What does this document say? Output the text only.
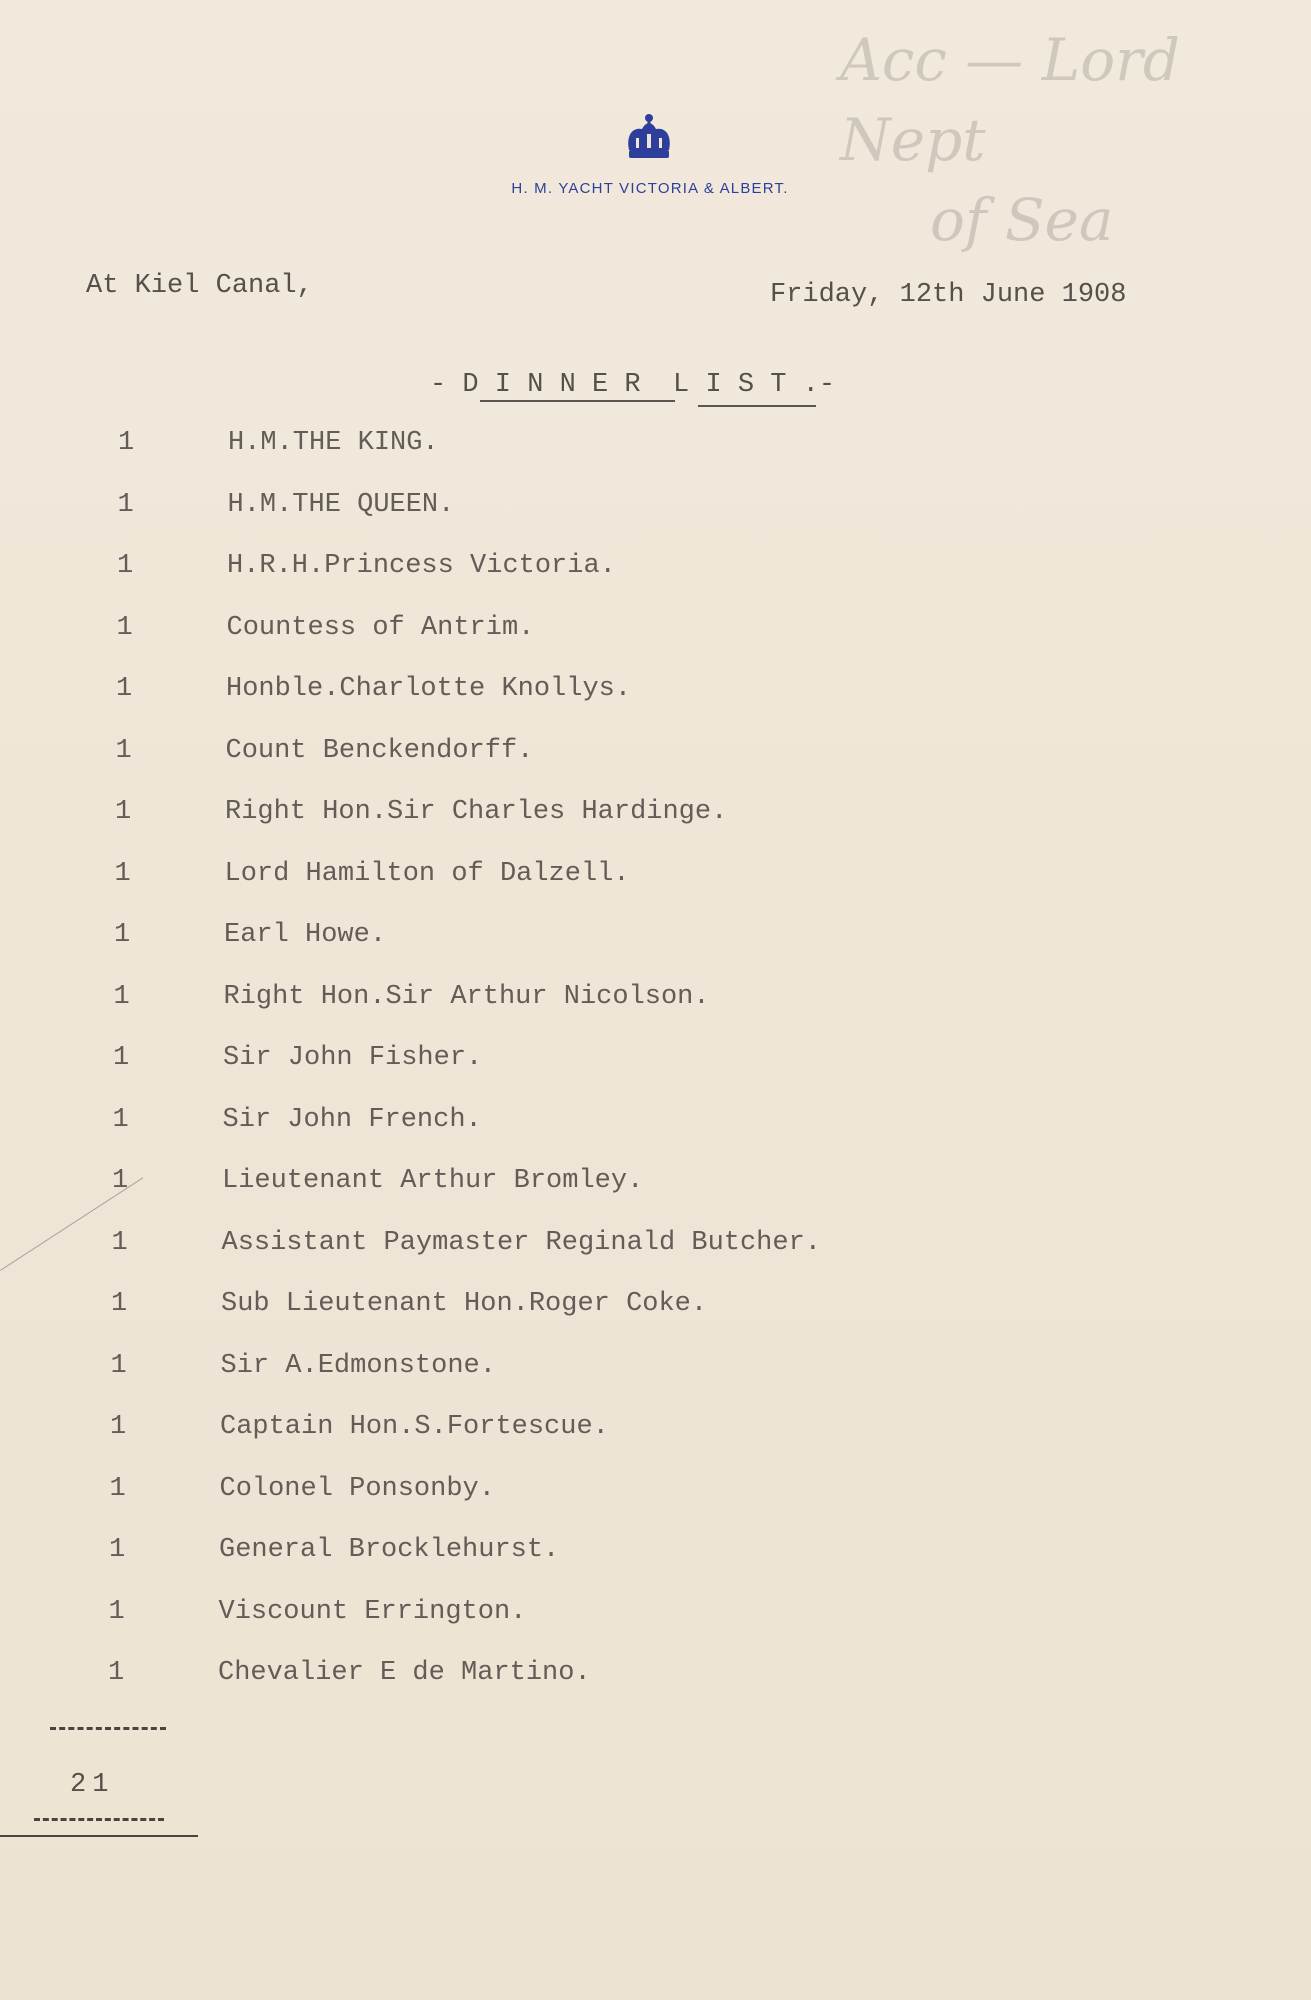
Acc — Lord Nept
of Sea
H. M. YACHT VICTORIA & ALBERT.
At Kiel Canal,	Friday, 12th June 1908
- D I N N E R  L I S T .-
1	H.M.THE KING.
1	H.M.THE QUEEN.
1	H.R.H.Princess Victoria.
1	Countess of Antrim.
1	Honble.Charlotte Knollys.
1	Count Benckendorff.
1	Right Hon.Sir Charles Hardinge.
1	Lord Hamilton of Dalzell.
1	Earl Howe.
1	Right Hon.Sir Arthur Nicolson.
1	Sir John Fisher.
1	Sir John French.
1	Lieutenant Arthur Bromley.
1	Assistant Paymaster Reginald Butcher.
1	Sub Lieutenant Hon.Roger Coke.
1	Sir A.Edmonstone.
1	Captain Hon.S.Fortescue.
1	Colonel Ponsonby.
1	General Brocklehurst.
1	Viscount Errington.
1	Chevalier E de Martino.
21
